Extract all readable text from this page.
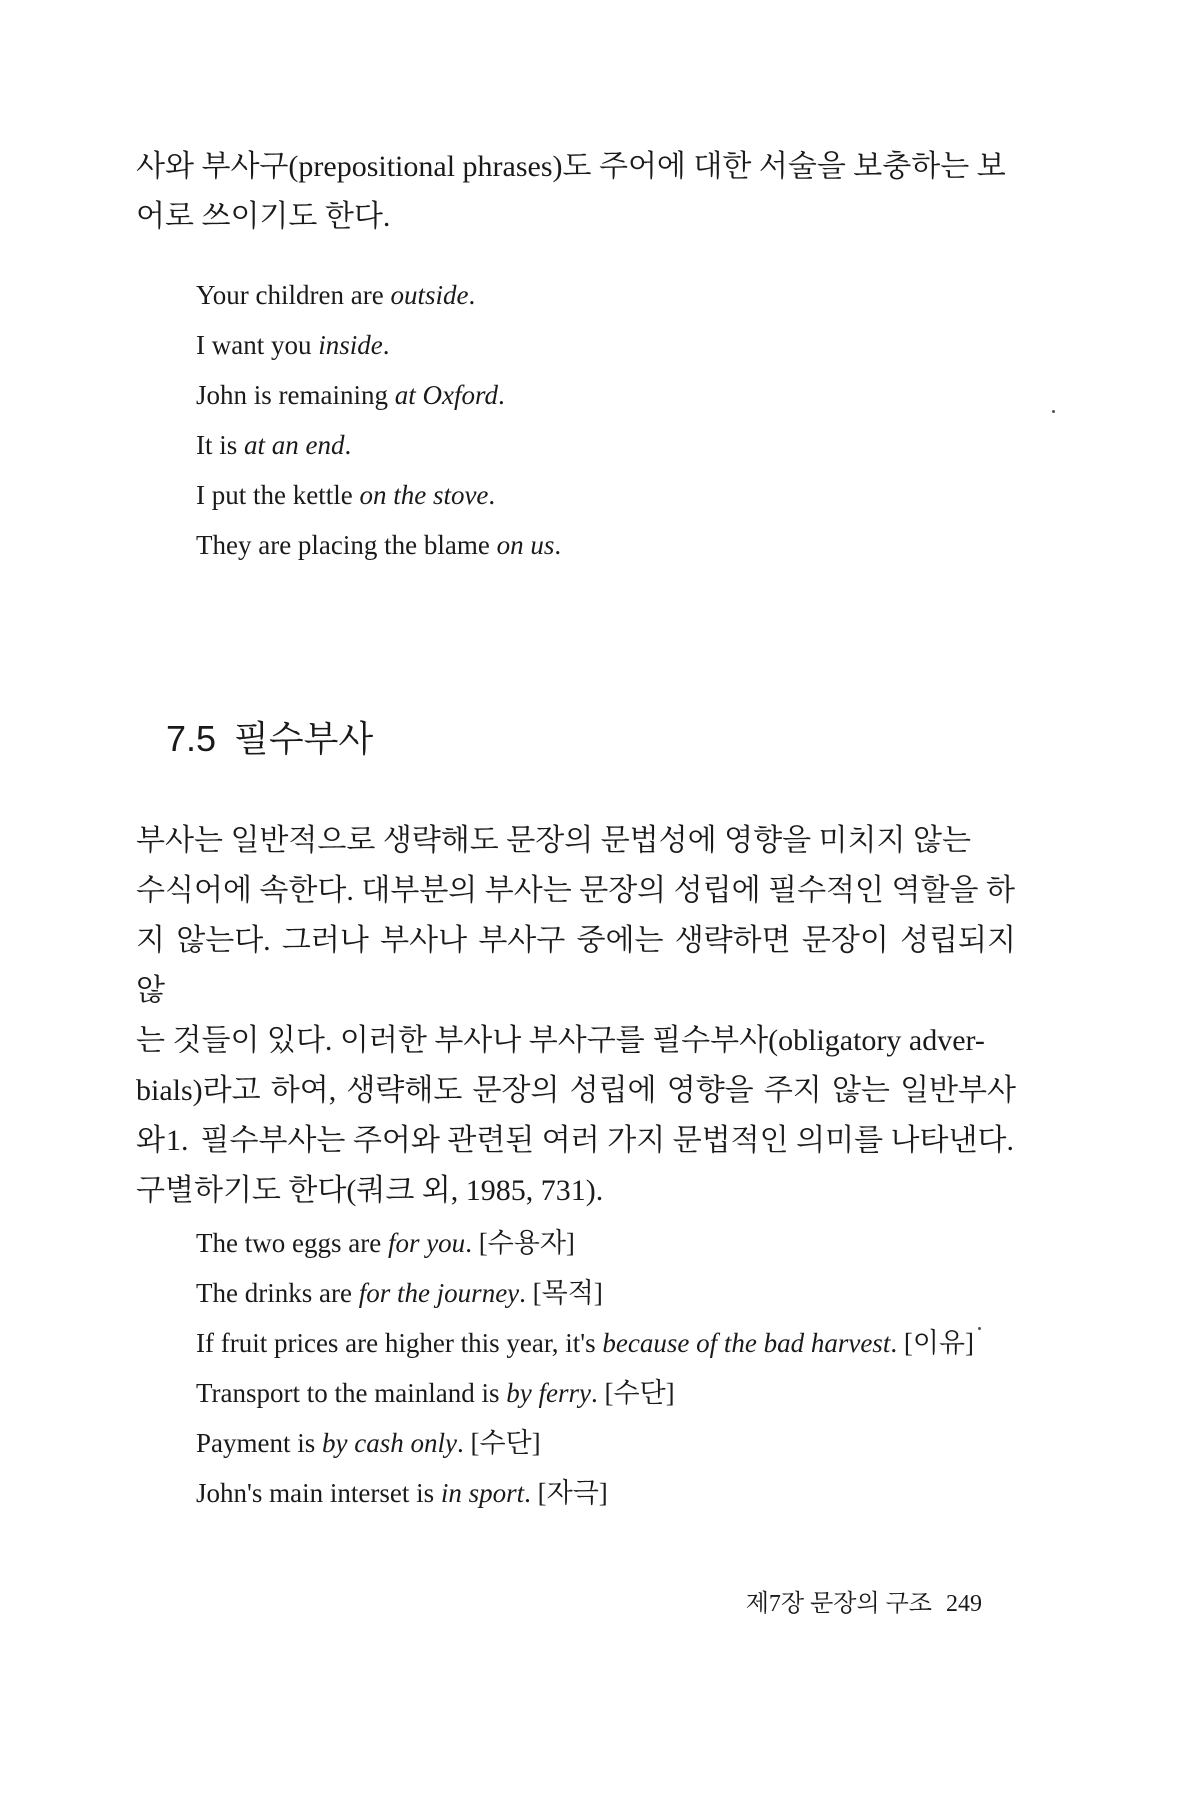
사와 부사구(prepositional phrases)도 주어에 대한 서술을 보충하는 보

어로 쓰이기도 한다.

Your children are outside.
I want you inside.
John is remaining at Oxford.
It is at an end.
I put the kettle on the stove.
They are placing the blame on us.
7.5 필수부사

부사는 일반적으로 생략해도 문장의 문법성에 영향을 미치지 않는

수식어에 속한다. 대부분의 부사는 문장의 성립에 필수적인 역할을 하

지 않는다. 그러나 부사나 부사구 중에는 생략하면 문장이 성립되지 않

는 것들이 있다. 이러한 부사나 부사구를 필수부사(obligatory adver-

bials)라고 하여, 생략해도 문장의 성립에 영향을 주지 않는 일반부사와

구별하기도 한다(쿼크 외, 1985, 731).

1. 필수부사는 주어와 관련된 여러 가지 문법적인 의미를 나타낸다.
The two eggs are for you. [수용자]
The drinks are for the journey. [목적]
If fruit prices are higher this year, it's because of the bad harvest. [이유]
Transport to the mainland is by ferry. [수단]
Payment is by cash only. [수단]
John's main interset is in sport. [자극]
제7장 문장의 구조 249
